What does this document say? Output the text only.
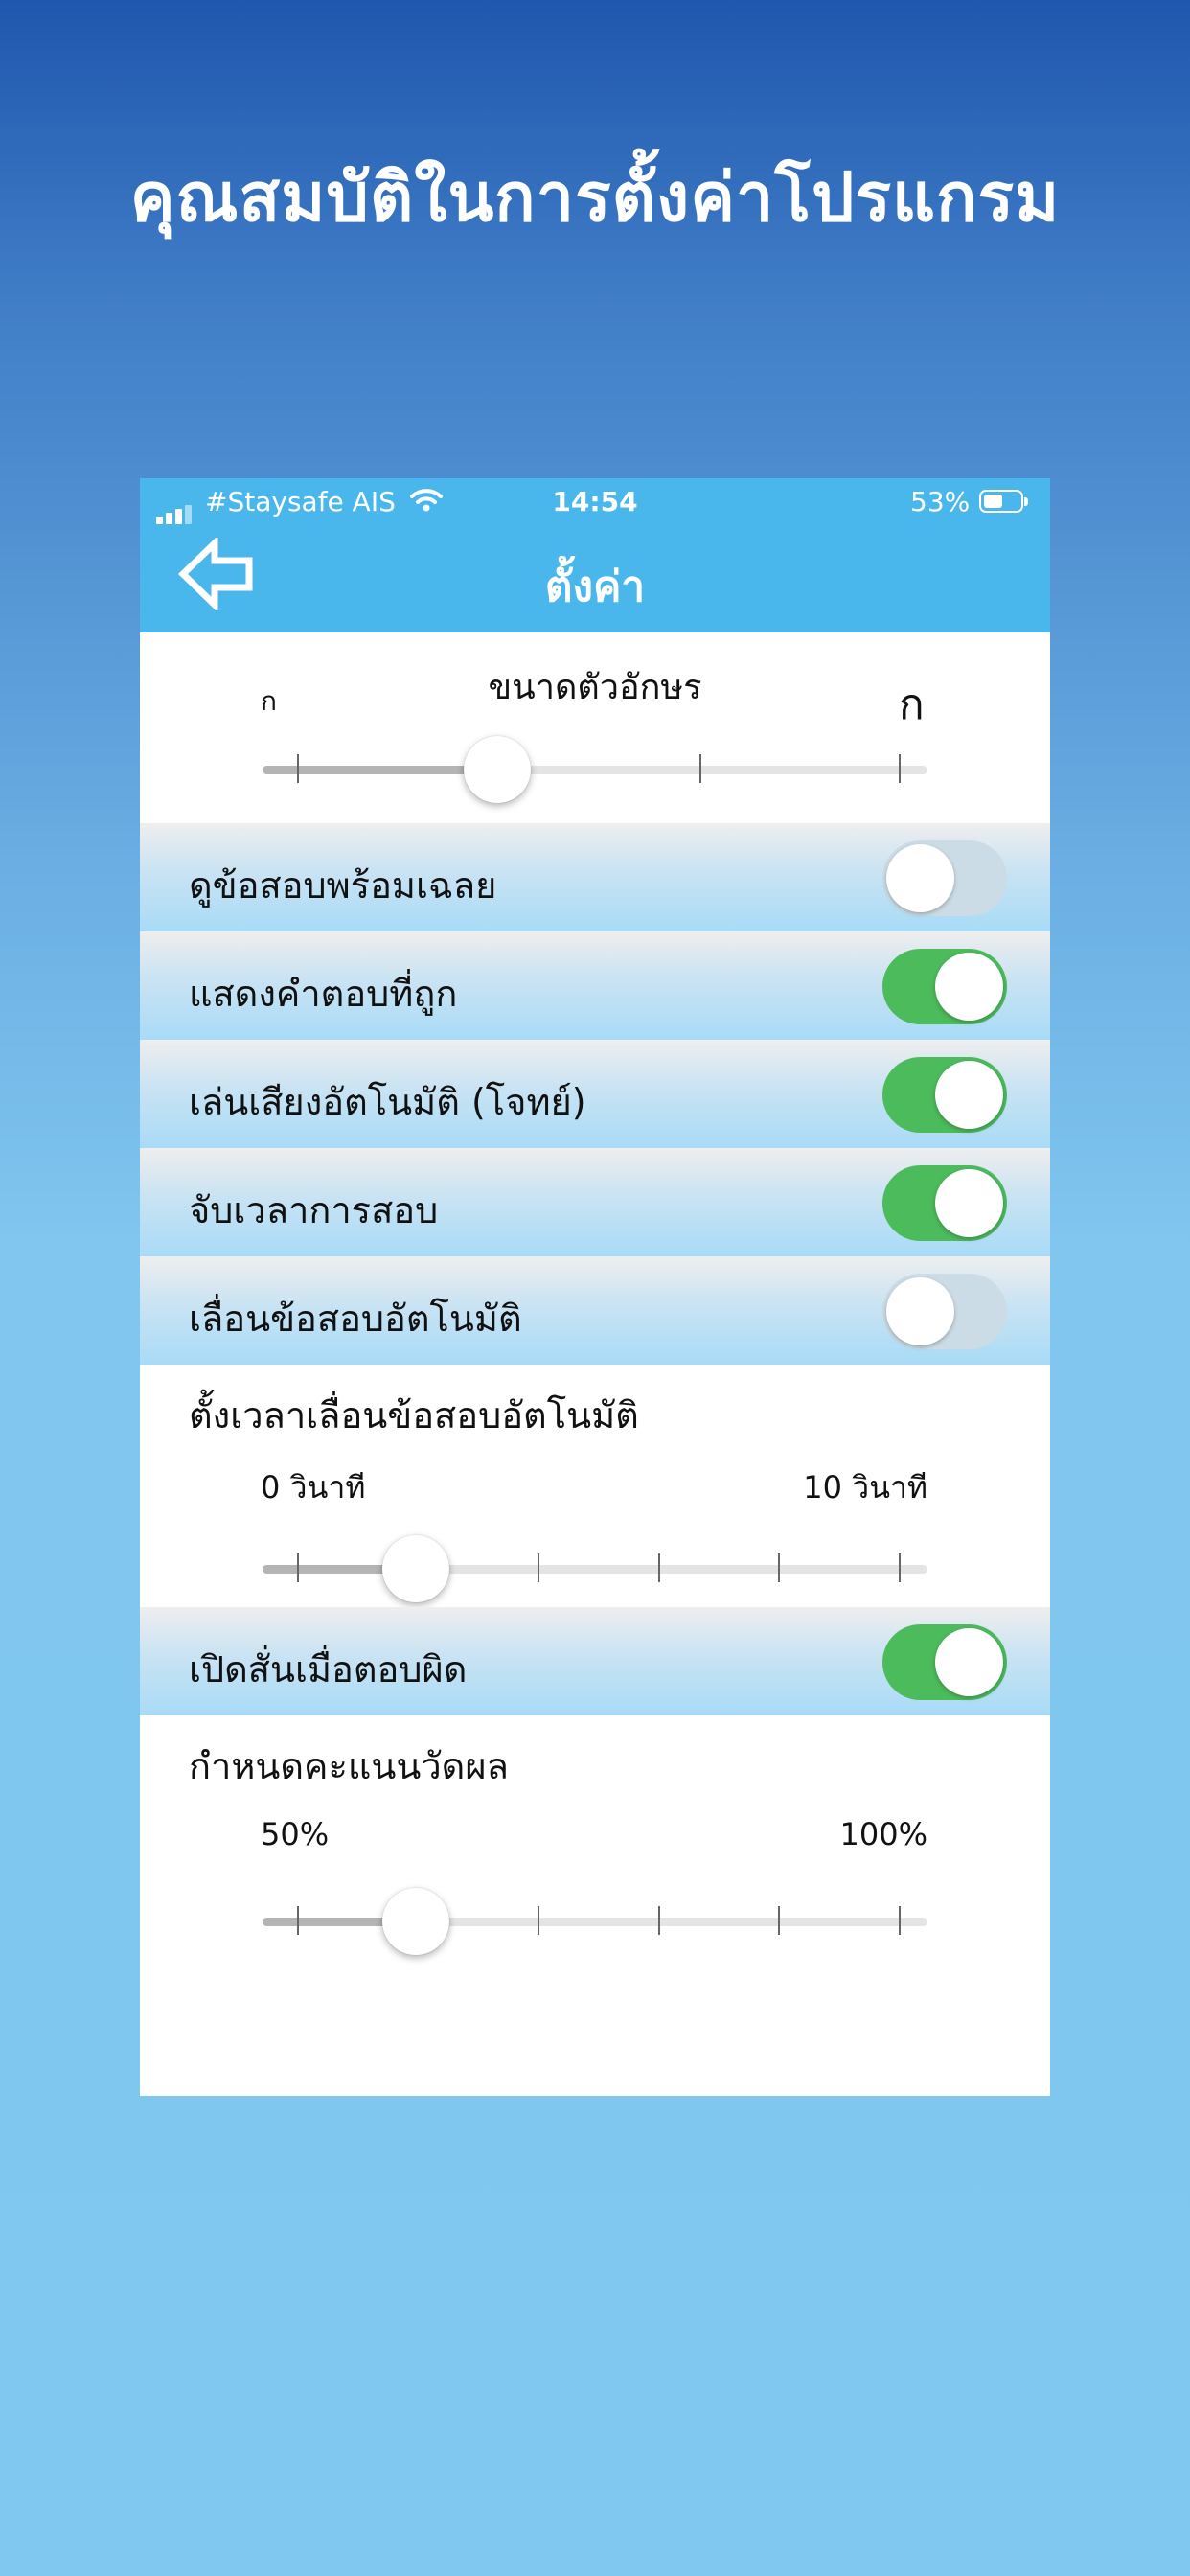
คุณสมบัติในการตั้งค่าโปรแกรม
#Staysafe AIS	14:54	53%
ตั้งค่า
ขนาดตัวอักษร
ก	ก
ดูข้อสอบพร้อมเฉลย
แสดงคำตอบที่ถูก
เล่นเสียงอัตโนมัติ (โจทย์)
จับเวลาการสอบ
เลื่อนข้อสอบอัตโนมัติ
ตั้งเวลาเลื่อนข้อสอบอัตโนมัติ
0 วินาที	10 วินาที
เปิดสั่นเมื่อตอบผิด
กำหนดคะแนนวัดผล
50%	100%
